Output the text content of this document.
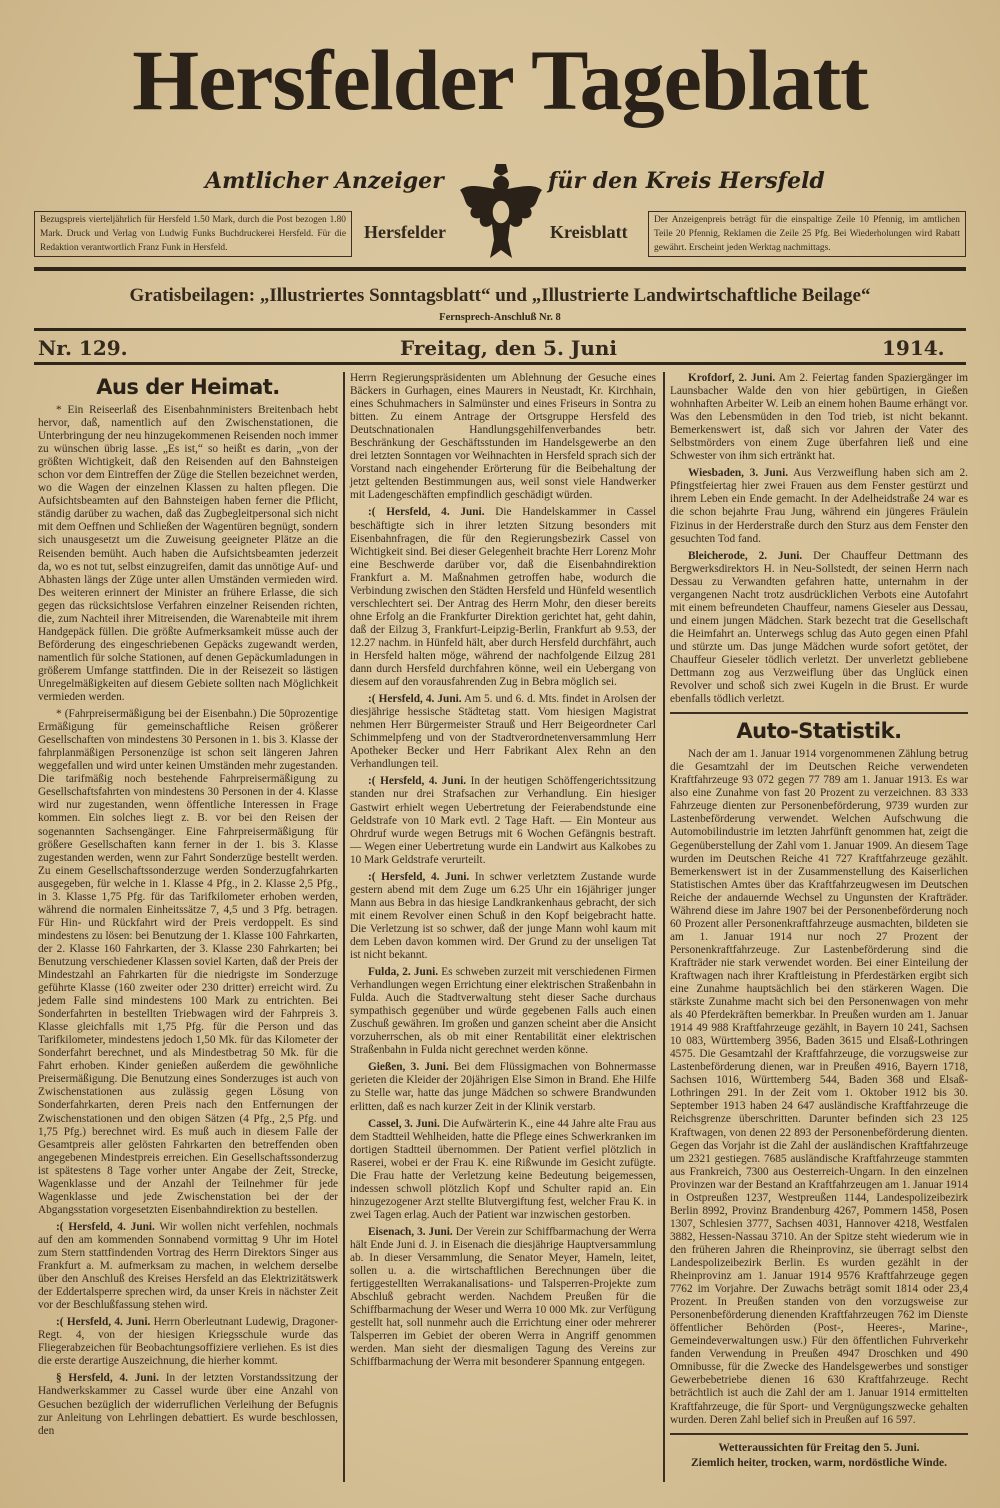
Hersfelder Tageblatt
Amtlicher Anzeiger	für den Kreis Hersfeld
Bezugspreis vierteljährlich für Hersfeld 1.50 Mark, durch die Post bezogen 1.80 Mark. Druck und Verlag von Ludwig Funks Buchdruckerei Hersfeld. Für die Redaktion verantwortlich Franz Funk in Hersfeld.
Der Anzeigenpreis beträgt für die einspaltige Zeile 10 Pfennig, im amtlichen Teile 20 Pfennig, Reklamen die Zeile 25 Pfg. Bei Wiederholungen wird Rabatt gewährt. Erscheint jeden Werktag nachmittags.
Hersfelder	Kreisblatt
Gratisbeilagen: „Illustriertes Sonntagsblatt“ und „Illustrierte Landwirtschaftliche Beilage“
Fernsprech-Anschluß Nr. 8
Nr. 129.	Freitag, den 5. Juni	1914.
Aus der Heimat.

* Ein Reiseerlaß des Eisenbahnministers Breitenbach hebt hervor, daß, namentlich auf den Zwischenstationen, die Unterbringung der neu hinzugekommenen Reisenden noch immer zu wünschen übrig lasse. „Es ist,“ so heißt es darin, „von der größten Wichtigkeit, daß den Reisenden auf den Bahnsteigen schon vor dem Eintreffen der Züge die Stellen bezeichnet werden, wo die Wagen der einzelnen Klassen zu halten pflegen. Die Aufsichtsbeamten auf den Bahnsteigen haben ferner die Pflicht, ständig darüber zu wachen, daß das Zugbegleitpersonal sich nicht mit dem Oeffnen und Schließen der Wagentüren begnügt, sondern sich unausgesetzt um die Zuweisung geeigneter Plätze an die Reisenden bemüht. Auch haben die Aufsichtsbeamten jederzeit da, wo es not tut, selbst einzugreifen, damit das unnötige Auf- und Abhasten längs der Züge unter allen Umständen vermieden wird. Des weiteren erinnert der Minister an frühere Erlasse, die sich gegen das rücksichtslose Verfahren einzelner Reisenden richten, die, zum Nachteil ihrer Mitreisenden, die Warenabteile mit ihrem Handgepäck füllen. Die größte Aufmerksamkeit müsse auch der Beförderung des eingeschriebenen Gepäcks zugewandt werden, namentlich für solche Stationen, auf denen Gepäckumladungen in größerem Umfange stattfinden. Die in der Reisezeit so lästigen Unregelmäßigkeiten auf diesem Gebiete sollten nach Möglichkeit vermieden werden.

* (Fahrpreisermäßigung bei der Eisenbahn.) Die 50prozentige Ermäßigung für gemeinschaftliche Reisen größerer Gesellschaften von mindestens 30 Personen in 1. bis 3. Klasse der fahrplanmäßigen Personenzüge ist schon seit längeren Jahren weggefallen und wird unter keinen Umständen mehr zugestanden. Die tarifmäßig noch bestehende Fahrpreisermäßigung zu Gesellschaftsfahrten von mindestens 30 Personen in der 4. Klasse wird nur zugestanden, wenn öffentliche Interessen in Frage kommen. Ein solches liegt z. B. vor bei den Reisen der sogenannten Sachsengänger. Eine Fahrpreisermäßigung für größere Gesellschaften kann ferner in der 1. bis 3. Klasse zugestanden werden, wenn zur Fahrt Sonderzüge bestellt werden. Zu einem Gesellschaftssonderzuge werden Sonderzugfahrkarten ausgegeben, für welche in 1. Klasse 4 Pfg., in 2. Klasse 2,5 Pfg., in 3. Klasse 1,75 Pfg. für das Tarifkilometer erhoben werden, während die normalen Einheitssätze 7, 4,5 und 3 Pfg. betragen. Für Hin- und Rückfahrt wird der Preis verdoppelt. Es sind mindestens zu lösen: bei Benutzung der 1. Klasse 100 Fahrkarten, der 2. Klasse 160 Fahrkarten, der 3. Klasse 230 Fahrkarten; bei Benutzung verschiedener Klassen soviel Karten, daß der Preis der Mindestzahl an Fahrkarten für die niedrigste im Sonderzuge geführte Klasse (160 zweiter oder 230 dritter) erreicht wird. Zu jedem Falle sind mindestens 100 Mark zu entrichten. Bei Sonderfahrten in bestellten Triebwagen wird der Fahrpreis 3. Klasse gleichfalls mit 1,75 Pfg. für die Person und das Tarifkilometer, mindestens jedoch 1,50 Mk. für das Kilometer der Sonderfahrt berechnet, und als Mindestbetrag 50 Mk. für die Fahrt erhoben. Kinder genießen außerdem die gewöhnliche Preisermäßigung. Die Benutzung eines Sonderzuges ist auch von Zwischenstationen aus zulässig gegen Lösung von Sonderfahrkarten, deren Preis nach den Entfernungen der Zwischenstationen und den obigen Sätzen (4 Pfg., 2,5 Pfg. und 1,75 Pfg.) berechnet wird. Es muß auch in diesem Falle der Gesamtpreis aller gelösten Fahrkarten den betreffenden oben angegebenen Mindestpreis erreichen. Ein Gesellschaftssonderzug ist spätestens 8 Tage vorher unter Angabe der Zeit, Strecke, Wagenklasse und der Anzahl der Teilnehmer für jede Wagenklasse und jede Zwischenstation bei der der Abgangsstation vorgesetzten Eisenbahndirektion zu bestellen.

:( Hersfeld, 4. Juni. Wir wollen nicht verfehlen, nochmals auf den am kommenden Sonnabend vormittag 9 Uhr im Hotel zum Stern stattfindenden Vortrag des Herrn Direktors Singer aus Frankfurt a. M. aufmerksam zu machen, in welchem derselbe über den Anschluß des Kreises Hersfeld an das Elektrizitätswerk der Eddertalsperre sprechen wird, da unser Kreis in nächster Zeit vor der Beschlußfassung stehen wird.

:( Hersfeld, 4. Juni. Herrn Oberleutnant Ludewig, Dragoner-Regt. 4, von der hiesigen Kriegsschule wurde das Fliegerabzeichen für Beobachtungsoffiziere verliehen. Es ist dies die erste derartige Auszeichnung, die hierher kommt.

§ Hersfeld, 4. Juni. In der letzten Vorstandssitzung der Handwerkskammer zu Cassel wurde über eine Anzahl von Gesuchen bezüglich der widerruflichen Verleihung der Befugnis zur Anleitung von Lehrlingen debattiert. Es wurde beschlossen, den

Herrn Regierungspräsidenten um Ablehnung der Gesuche eines Bäckers in Gurhagen, eines Maurers in Neustadt, Kr. Kirchhain, eines Schuhmachers in Salmünster und eines Friseurs in Sontra zu bitten. Zu einem Antrage der Ortsgruppe Hersfeld des Deutschnationalen Handlungsgehilfenverbandes betr. Beschränkung der Geschäftsstunden im Handelsgewerbe an den drei letzten Sonntagen vor Weihnachten in Hersfeld sprach sich der Vorstand nach eingehender Erörterung für die Beibehaltung der jetzt geltenden Bestimmungen aus, weil sonst viele Handwerker mit Ladengeschäften empfindlich geschädigt würden.

:( Hersfeld, 4. Juni. Die Handelskammer in Cassel beschäftigte sich in ihrer letzten Sitzung besonders mit Eisenbahnfragen, die für den Regierungsbezirk Cassel von Wichtigkeit sind. Bei dieser Gelegenheit brachte Herr Lorenz Mohr eine Beschwerde darüber vor, daß die Eisenbahndirektion Frankfurt a. M. Maßnahmen getroffen habe, wodurch die Verbindung zwischen den Städten Hersfeld und Hünfeld wesentlich verschlechtert sei. Der Antrag des Herrn Mohr, den dieser bereits ohne Erfolg an die Frankfurter Direktion gerichtet hat, geht dahin, daß der Eilzug 3, Frankfurt-Leipzig-Berlin, Frankfurt ab 9.53, der 12.27 nachm. in Hünfeld hält, aber durch Hersfeld durchfährt, auch in Hersfeld halten möge, während der nachfolgende Eilzug 281 dann durch Hersfeld durchfahren könne, weil ein Uebergang von diesem auf den vorausfahrenden Zug in Bebra möglich sei.

:( Hersfeld, 4. Juni. Am 5. und 6. d. Mts. findet in Arolsen der diesjährige hessische Städtetag statt. Vom hiesigen Magistrat nehmen Herr Bürgermeister Strauß und Herr Beigeordneter Carl Schimmelpfeng und von der Stadtverordnetenversammlung Herr Apotheker Becker und Herr Fabrikant Alex Rehn an den Verhandlungen teil.

:( Hersfeld, 4. Juni. In der heutigen Schöffengerichtssitzung standen nur drei Strafsachen zur Verhandlung. Ein hiesiger Gastwirt erhielt wegen Uebertretung der Feierabendstunde eine Geldstrafe von 10 Mark evtl. 2 Tage Haft. — Ein Monteur aus Ohrdruf wurde wegen Betrugs mit 6 Wochen Gefängnis bestraft. — Wegen einer Uebertretung wurde ein Landwirt aus Kalkobes zu 10 Mark Geldstrafe verurteilt.

:( Hersfeld, 4. Juni. In schwer verletztem Zustande wurde gestern abend mit dem Zuge um 6.25 Uhr ein 16jähriger junger Mann aus Bebra in das hiesige Landkrankenhaus gebracht, der sich mit einem Revolver einen Schuß in den Kopf beigebracht hatte. Die Verletzung ist so schwer, daß der junge Mann wohl kaum mit dem Leben davon kommen wird. Der Grund zu der unseligen Tat ist nicht bekannt.

Fulda, 2. Juni. Es schweben zurzeit mit verschiedenen Firmen Verhandlungen wegen Errichtung einer elektrischen Straßenbahn in Fulda. Auch die Stadtverwaltung steht dieser Sache durchaus sympathisch gegenüber und würde gegebenen Falls auch einen Zuschuß gewähren. Im großen und ganzen scheint aber die Ansicht vorzuherrschen, als ob mit einer Rentabilität einer elektrischen Straßenbahn in Fulda nicht gerechnet werden könne.

Gießen, 3. Juni. Bei dem Flüssigmachen von Bohnermasse gerieten die Kleider der 20jährigen Else Simon in Brand. Ehe Hilfe zu Stelle war, hatte das junge Mädchen so schwere Brandwunden erlitten, daß es nach kurzer Zeit in der Klinik verstarb.

Cassel, 3. Juni. Die Aufwärterin K., eine 44 Jahre alte Frau aus dem Stadtteil Wehlheiden, hatte die Pflege eines Schwerkranken im dortigen Stadtteil übernommen. Der Patient verfiel plötzlich in Raserei, wobei er der Frau K. eine Rißwunde im Gesicht zufügte. Die Frau hatte der Verletzung keine Bedeutung beigemessen, indessen schwoll plötzlich Kopf und Schulter rapid an. Ein hinzugezogener Arzt stellte Blutvergiftung fest, welcher Frau K. in zwei Tagen erlag. Auch der Patient war inzwischen gestorben.

Eisenach, 3. Juni. Der Verein zur Schiffbarmachung der Werra hält Ende Juni d. J. in Eisenach die diesjährige Hauptversammlung ab. In dieser Versammlung, die Senator Meyer, Hameln, leitet, sollen u. a. die wirtschaftlichen Berechnungen über die fertiggestellten Werrakanalisations- und Talsperren-Projekte zum Abschluß gebracht werden. Nachdem Preußen für die Schiffbarmachung der Weser und Werra 10 000 Mk. zur Verfügung gestellt hat, soll nunmehr auch die Errichtung einer oder mehrerer Talsperren im Gebiet der oberen Werra in Angriff genommen werden. Man sieht der diesmaligen Tagung des Vereins zur Schiffbarmachung der Werra mit besonderer Spannung entgegen.

Krofdorf, 2. Juni. Am 2. Feiertag fanden Spaziergänger im Launsbacher Walde den von hier gebürtigen, in Gießen wohnhaften Arbeiter W. Leib an einem hohen Baume erhängt vor. Was den Lebensmüden in den Tod trieb, ist nicht bekannt. Bemerkenswert ist, daß sich vor Jahren der Vater des Selbstmörders von einem Zuge überfahren ließ und eine Schwester von ihm sich ertränkt hat.

Wiesbaden, 3. Juni. Aus Verzweiflung haben sich am 2. Pfingstfeiertag hier zwei Frauen aus dem Fenster gestürzt und ihrem Leben ein Ende gemacht. In der Adelheidstraße 24 war es die schon bejahrte Frau Jung, während ein jüngeres Fräulein Fizinus in der Herderstraße durch den Sturz aus dem Fenster den gesuchten Tod fand.

Bleicherode, 2. Juni. Der Chauffeur Dettmann des Bergwerksdirektors H. in Neu-Sollstedt, der seinen Herrn nach Dessau zu Verwandten gefahren hatte, unternahm in der vergangenen Nacht trotz ausdrücklichen Verbots eine Autofahrt mit einem befreundeten Chauffeur, namens Gieseler aus Dessau, und einem jungen Mädchen. Stark bezecht trat die Gesellschaft die Heimfahrt an. Unterwegs schlug das Auto gegen einen Pfahl und stürzte um. Das junge Mädchen wurde sofort getötet, der Chauffeur Gieseler tödlich verletzt. Der unverletzt gebliebene Dettmann zog aus Verzweiflung über das Unglück einen Revolver und schoß sich zwei Kugeln in die Brust. Er wurde ebenfalls tödlich verletzt.

Auto-Statistik.

Nach der am 1. Januar 1914 vorgenommenen Zählung betrug die Gesamtzahl der im Deutschen Reiche verwendeten Kraftfahrzeuge 93 072 gegen 77 789 am 1. Januar 1913. Es war also eine Zunahme von fast 20 Prozent zu verzeichnen. 83 333 Fahrzeuge dienten zur Personenbeförderung, 9739 wurden zur Lastenbeförderung verwendet. Welchen Aufschwung die Automobilindustrie im letzten Jahrfünft genommen hat, zeigt die Gegenüberstellung der Zahl vom 1. Januar 1909. An diesem Tage wurden im Deutschen Reiche 41 727 Kraftfahrzeuge gezählt. Bemerkenswert ist in der Zusammenstellung des Kaiserlichen Statistischen Amtes über das Kraftfahrzeugwesen im Deutschen Reiche der andauernde Wechsel zu Ungunsten der Krafträder. Während diese im Jahre 1907 bei der Personenbeförderung noch 60 Prozent aller Personenkraftfahrzeuge ausmachten, bildeten sie am 1. Januar 1914 nur noch 27 Prozent der Personenkraftfahrzeuge. Zur Lastenbeförderung sind die Krafträder nie stark verwendet worden. Bei einer Einteilung der Kraftwagen nach ihrer Kraftleistung in Pferdestärken ergibt sich eine Zunahme hauptsächlich bei den stärkeren Wagen. Die stärkste Zunahme macht sich bei den Personenwagen von mehr als 40 Pferdekräften bemerkbar. In Preußen wurden am 1. Januar 1914 49 988 Kraftfahrzeuge gezählt, in Bayern 10 241, Sachsen 10 083, Württemberg 3956, Baden 3615 und Elsaß-Lothringen 4575. Die Gesamtzahl der Kraftfahrzeuge, die vorzugsweise zur Lastenbeförderung dienen, war in Preußen 4916, Bayern 1718, Sachsen 1016, Württemberg 544, Baden 368 und Elsaß-Lothringen 291. In der Zeit vom 1. Oktober 1912 bis 30. September 1913 haben 24 647 ausländische Kraftfahrzeuge die Reichsgrenze überschritten. Darunter befinden sich 23 125 Kraftwagen, von denen 22 893 der Personenbeförderung dienten. Gegen das Vorjahr ist die Zahl der ausländischen Kraftfahrzeuge um 2321 gestiegen. 7685 ausländische Kraftfahrzeuge stammten aus Frankreich, 7300 aus Oesterreich-Ungarn. In den einzelnen Provinzen war der Bestand an Kraftfahrzeugen am 1. Januar 1914 in Ostpreußen 1237, Westpreußen 1144, Landespolizeibezirk Berlin 8992, Provinz Brandenburg 4267, Pommern 1458, Posen 1307, Schlesien 3777, Sachsen 4031, Hannover 4218, Westfalen 3882, Hessen-Nassau 3710. An der Spitze steht wiederum wie in den früheren Jahren die Rheinprovinz, sie überragt selbst den Landespolizeibezirk Berlin. Es wurden gezählt in der Rheinprovinz am 1. Januar 1914 9576 Kraftfahrzeuge gegen 7762 im Vorjahre. Der Zuwachs beträgt somit 1814 oder 23,4 Prozent. In Preußen standen von den vorzugsweise zur Personenbeförderung dienenden Kraftfahrzeugen 762 im Dienste öffentlicher Behörden (Post-, Heeres-, Marine-, Gemeindeverwaltungen usw.) Für den öffentlichen Fuhrverkehr fanden Verwendung in Preußen 4947 Droschken und 490 Omnibusse, für die Zwecke des Handelsgewerbes und sonstiger Gewerbebetriebe dienen 16 630 Kraftfahrzeuge. Recht beträchtlich ist auch die Zahl der am 1. Januar 1914 ermittelten Kraftfahrzeuge, die für Sport- und Vergnügungszwecke gehalten wurden. Deren Zahl belief sich in Preußen auf 16 597.

Wetteraussichten für Freitag den 5. Juni.
Ziemlich heiter, trocken, warm, nordöstliche Winde.
